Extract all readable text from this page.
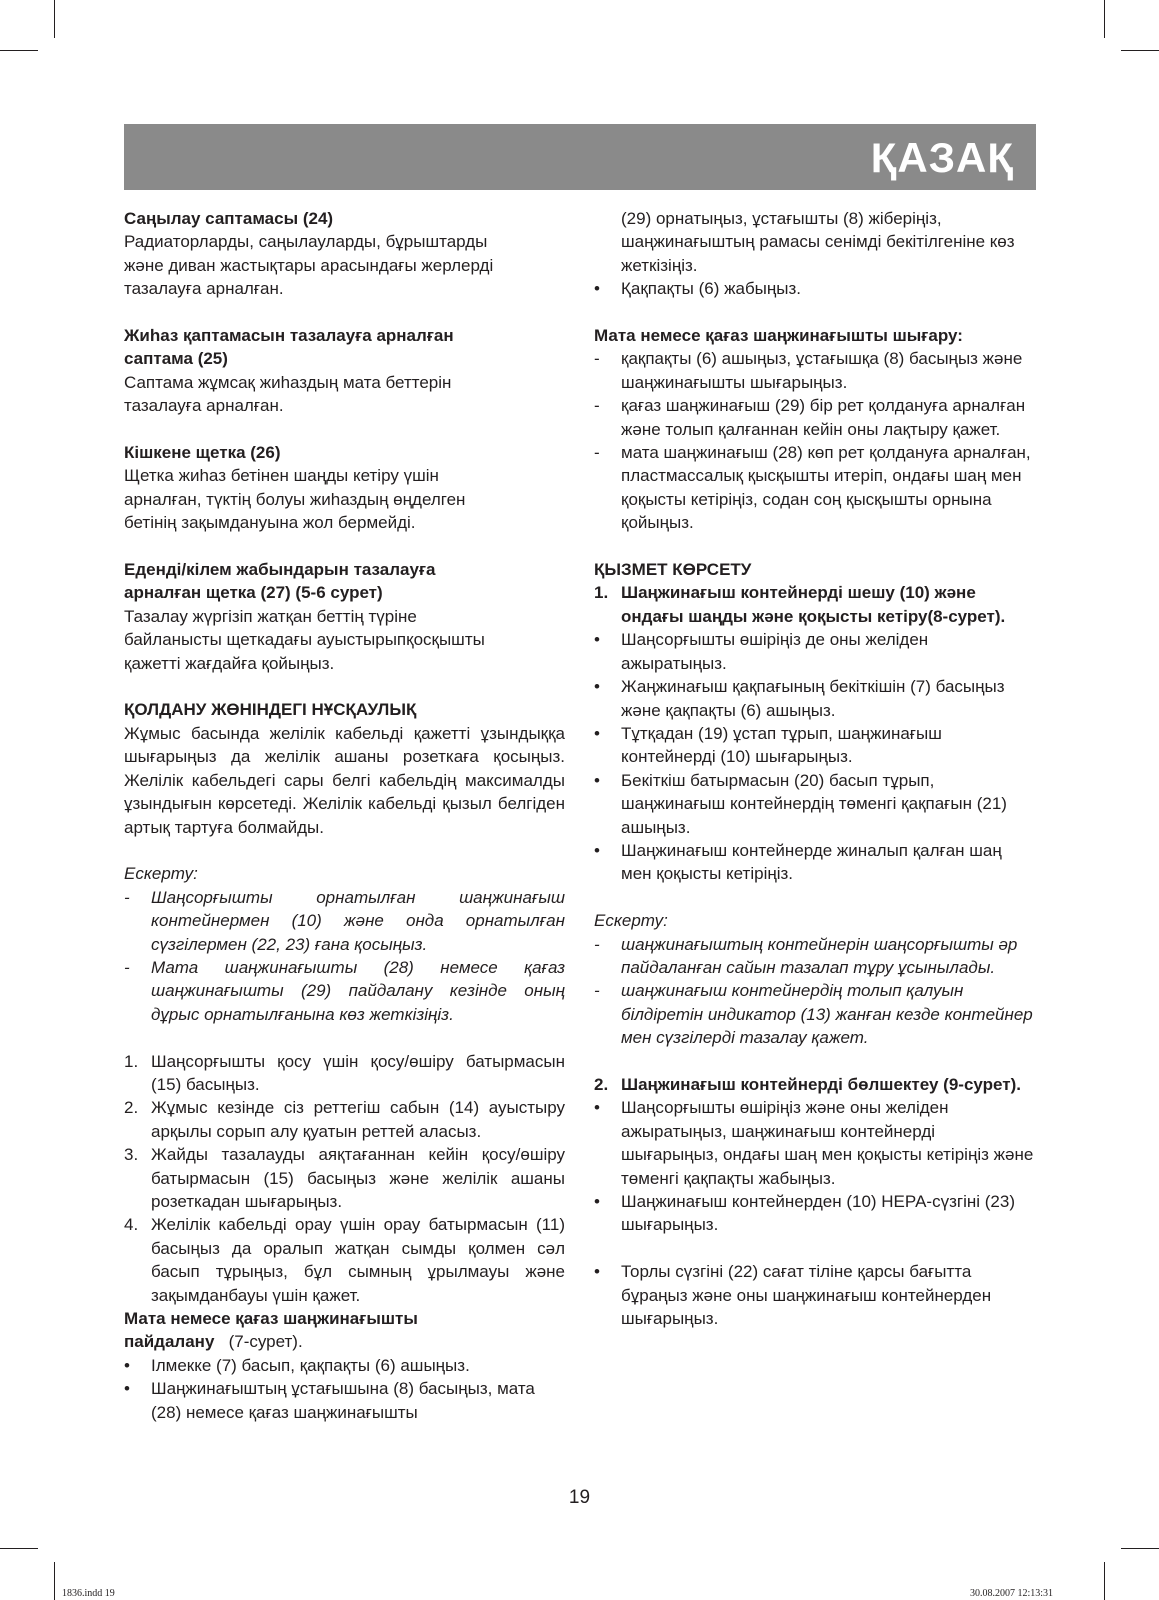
ҚАЗАҚ

Саңылау саптамасы (24)

Радиаторларды, саңылауларды, бұрыштарды

және диван жастықтары арасындағы жерлерді

тазалауға арналған.

Жиһаз қаптамасын тазалауға арналған

саптама (25)

Саптама жұмсақ жиһаздың мата беттерін

тазалауға арналған.

Кішкене щетка (26)

Щетка жиһаз бетінен шаңды кетіру үшін

арналған, түктің болуы жиһаздың өңделген

бетінің зақымдануына жол бермейді.

Еденді/кілем жабындарын тазалауға

арналған щетка (27) (5-6 сурет)

Тазалау жүргізіп жатқан беттің түріне

байланысты щеткадағы ауыстырыпқосқышты

қажетті жағдайға қойыңыз.

ҚОЛДАНУ ЖӨНІНДЕГІ НҰСҚАУЛЫҚ

Жұмыс басында желілік кабельді қажетті ұзындыққа шығарыңыз да желілік ашаны розеткаға қосыңыз. Желілік кабельдегі сары белгі кабельдің максималды ұзындығын көрсетеді. Желілік кабельді қызыл белгіден артық тартуға болмайды.

Ескерту:

- Шаңсорғышты орнатылған шаңжинағыш контейнермен (10) және онда орнатылған сүзгілермен (22, 23) ғана қосыңыз.

- Мата шаңжинағышты (28) немесе қағаз шаңжинағышты (29) пайдалану кезінде оның дұрыс орнатылғанына көз жеткізіңіз.

1. Шаңсорғышты қосу үшін қосу/өшіру батырмасын (15) басыңыз.

2. Жұмыс кезінде сіз реттегіш сабын (14) ауыстыру арқылы сорып алу қуатын реттей алаcыз.

3. Жайды тазалауды аяқтағаннан кейін қосу/өшіру батырмасын (15) басыңыз және желілік ашаны розеткадан шығарыңыз.

4. Желілік кабельді орау үшін орау батырмасын (11) басыңыз да оралып жатқан сымды қолмен сәл басып тұрыңыз, бұл сымның ұрылмауы және зақымданбауы үшін қажет.

Мата немесе қағаз шаңжинағышты

пайдалану (7-сурет).

• Ілмекке (7) басып, қақпақты (6) ашыңыз.

• Шаңжинағыштың ұстағышына (8) басыңыз, мата (28) немесе қағаз шаңжинағышты

(29) орнатыңыз, ұстағышты (8) жіберіңіз, шаңжинағыштың рамасы сенімді бекітілгеніне көз жеткізіңіз.

• Қақпақты (6) жабыңыз.

Мата немесе қағаз шаңжинағышты шығару:

- қақпақты (6) ашыңыз, ұстағышқа (8) басыңыз және шаңжинағышты шығарыңыз.

- қағаз шаңжинағыш (29) бір рет қолдануға арналған және толып қалғаннан кейін оны лақтыру қажет.

- мата шаңжинағыш (28) көп рет қолдануға арналған, пластмассалық қысқышты итеріп, ондағы шаң мен қоқысты кетіріңіз, содан соң қысқышты орнына қойыңыз.

ҚЫЗМЕТ КӨРСЕТУ

1. Шаңжинағыш контейнерді шешу (10) және ондағы шаңды және қоқысты кетіру(8-сурет).

• Шаңсорғышты өшіріңіз де оны желіден ажыратыңыз.

• Жаңжинағыш қақпағының бекіткішін (7) басыңыз және қақпақты (6) ашыңыз.

• Тұтқадан (19) ұстап тұрып, шаңжинағыш контейнерді (10) шығарыңыз.

• Бекіткіш батырмасын (20) басып тұрып, шаңжинағыш контейнердің төменгі қақпағын (21) ашыңыз.

• Шаңжинағыш контейнерде жиналып қалған шаң мен қоқысты кетіріңіз.

Ескерту:

- шаңжинағыштың контейнерін шаңсорғышты әр пайдаланған сайын тазалап тұру ұсынылады.

- шаңжинағыш контейнердің толып қалуын білдіретін индикатор (13) жанған кезде контейнер мен сүзгілерді тазалау қажет.

2. Шаңжинағыш контейнерді бөлшектеу (9-сурет).

• Шаңсорғышты өшіріңіз және оны желіден ажыратыңыз, шаңжинағыш контейнерді шығарыңыз, ондағы шаң мен қоқысты кетіріңіз және төменгі қақпақты жабыңыз.

• Шаңжинағыш контейнерден (10) НЕРА-сүзгіні (23) шығарыңыз.

• Торлы сүзгіні (22) сағат тіліне қарсы бағытта бұраңыз және оны шаңжинағыш контейнерден шығарыңыз.

19
1836.indd 19	30.08.2007 12:13:31
